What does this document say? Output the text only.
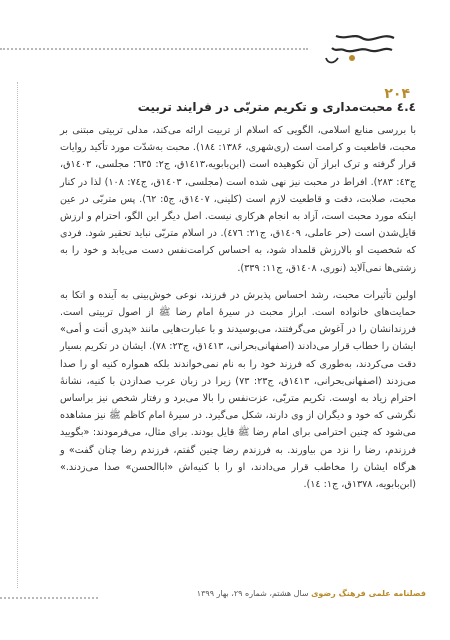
۲۰۴
٤.٤ محبت‌مداری و تکریم متربّی در فرایند تربیت

با بررسی منابع اسلامی، الگویی که اسلام از تربیت ارائه می‌کند، مدلی تربیتی مبتنی بر محبت، قاطعیت و کرامت است (ری‌شهری، ۱۳۸۶: ۱۸٤). محبت به‌شدّت مورد تأکید روایات قرار گرفته و ترک ابراز آن نکوهیده است (ابن‌بابویه،۱٤۱۳ق، ج۲: ٦۳٥؛ مجلسی، ۱٤۰۳ق، ج٤۳: ۲۸۳). افراط در محبت نیز نهی شده است (مجلسی، ۱٤۰۳ق، ج٧٤: ۱۰۸) لذا در کنار محبت، صلابت، دقت و قاطعیت لازم است (کلینی، ۱٤۰۷ق، ج٥: ٦٢). پس متربّی در عین اینکه مورد محبت است، آزاد به انجام هرکاری نیست. اصل دیگر این الگو، احترام و ارزش قایل‌شدن است (حر عاملی، ۱٤۰۹ق، ج۲۱: ٤٧٦). در اسلام متربّی نباید تحقیر شود. فردی که شخصیت او بالارزش قلمداد شود، به احساس کرامت‌نفس دست می‌یابد و خود را به زشتی‌ها نمی‌آلاید (نوری، ۱٤۰۸ق، ج۱۱: ۳۳۹).

اولین تأثیرات محبت، رشد احساس پذیرش در فرزند، نوعی خوش‌بینی به آینده و اتکا به حمایت‌های خانواده است. ابراز محبت در سیرهٔ امام رضا ﷺ از اصول تربیتی است. فرزندانشان را در آغوش می‌گرفتند، می‌بوسیدند و با عبارت‌هایی مانند «پدری أنت و أمی» ایشان را خطاب قرار می‌دادند (اصفهانی‌بحرانی، ۱٤۱۳ق، ج۲۳: ٧۸). ایشان در تکریم بسیار دقت می‌کردند، به‌طوری که فرزند خود را به نام نمی‌خواندند بلکه همواره کنیه او را صدا می‌زدند (اصفهانی‌بحرانی، ۱٤۱۳ق، ج۲۳: ٧۳) زیرا در زبان عرب صدازدن با کنیه، نشانهٔ احترام زیاد به اوست. تکریم متربّی، عزت‌نفس را بالا می‌برد و رفتار شخص نیز براساس نگرشی که خود و دیگران از وی دارند، شکل می‌گیرد. در سیرهٔ امام کاظم ﷺ نیز مشاهده می‌شود که چنین احترامی برای امام رضا ﷺ قایل بودند. برای مثال، می‌فرمودند: «بگویید فرزندم، رضا را نزد من بیاورند. به فرزندم رضا چنین گفتم، فرزندم رضا چنان گفت» و هرگاه ایشان را مخاطب قرار می‌دادند، او را با کنیه‌اش «اباالحسن» صدا می‌زدند.» (ابن‌بابویه، ۱۳۷۸ق، ج۱: ۱٤).

فصلنامه علمی فرهنگ رضوی سال هشتم، شماره ۲۹، بهار ۱۳۹۹
